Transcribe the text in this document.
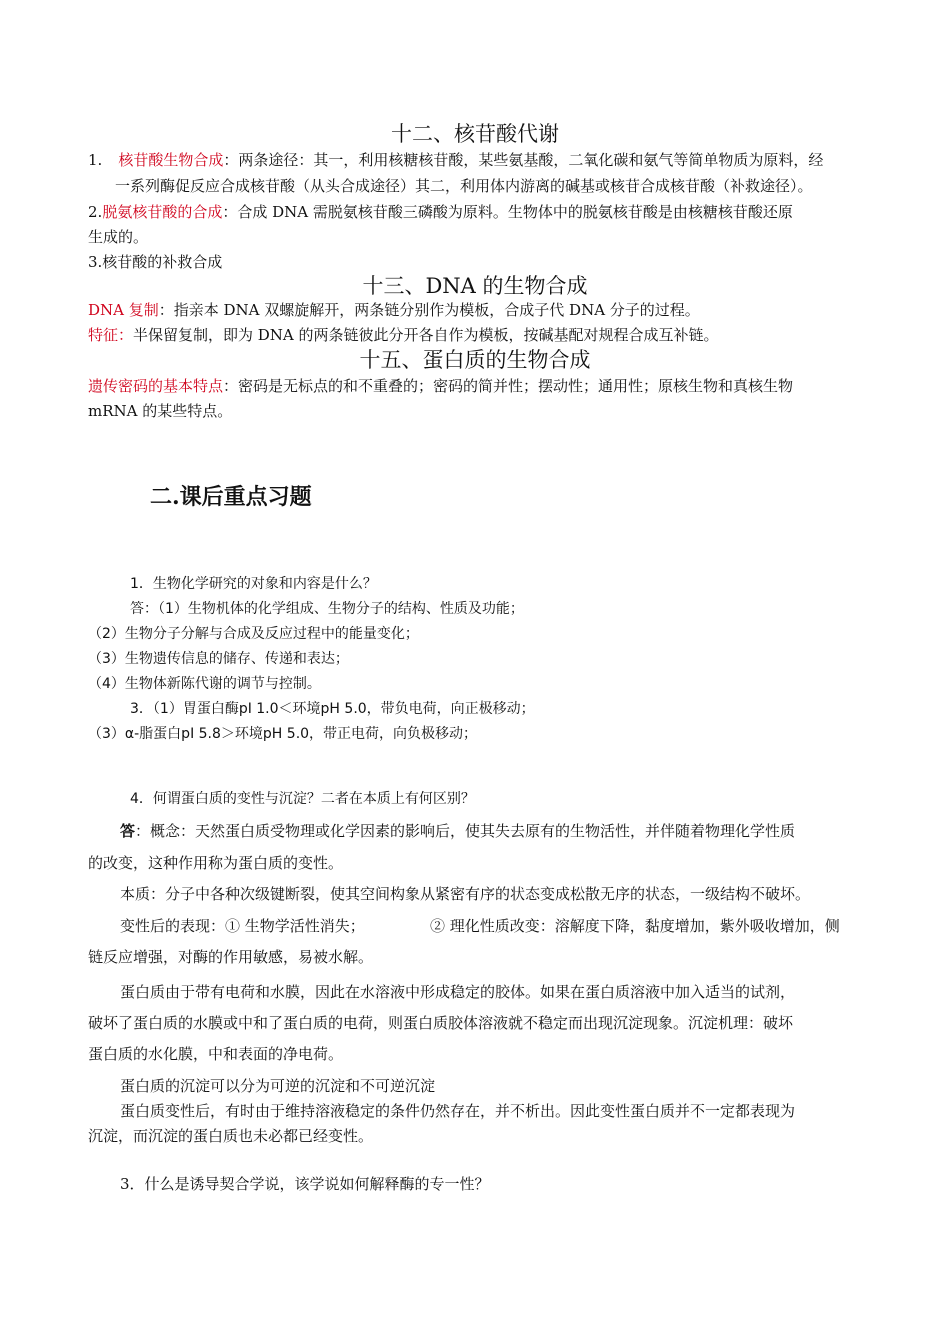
十二、核苷酸代谢
1. 核苷酸生物合成：两条途径：其一，利用核糖核苷酸，某些氨基酸，二氧化碳和氨气等简单物质为原料，经
一系列酶促反应合成核苷酸（从头合成途径）其二，利用体内游离的碱基或核苷合成核苷酸（补救途径）。
2.脱氨核苷酸的合成：合成 DNA 需脱氨核苷酸三磷酸为原料。生物体中的脱氨核苷酸是由核糖核苷酸还原
生成的。
3.核苷酸的补救合成
十三、DNA 的生物合成
DNA 复制：指亲本 DNA 双螺旋解开，两条链分别作为模板，合成子代 DNA 分子的过程。
特征：半保留复制，即为 DNA 的两条链彼此分开各自作为模板，按碱基配对规程合成互补链。
十五、蛋白质的生物合成
遗传密码的基本特点：密码是无标点的和不重叠的；密码的简并性；摆动性；通用性；原核生物和真核生物
mRNA 的某些特点。
二.课后重点习题
1．生物化学研究的对象和内容是什么？
答：（1）生物机体的化学组成、生物分子的结构、性质及功能；
（2）生物分子分解与合成及反应过程中的能量变化；
（3）生物遗传信息的储存、传递和表达；
（4）生物体新陈代谢的调节与控制。
3．（1）胃蛋白酶pI 1.0＜环境pH 5.0，带负电荷，向正极移动；
（3）α-脂蛋白pI 5.8＞环境pH 5.0，带正电荷，向负极移动；
4．何谓蛋白质的变性与沉淀？二者在本质上有何区别？
答：概念：天然蛋白质受物理或化学因素的影响后，使其失去原有的生物活性，并伴随着物理化学性质
的改变，这种作用称为蛋白质的变性。
本质：分子中各种次级键断裂，使其空间构象从紧密有序的状态变成松散无序的状态，一级结构不破坏。
变性后的表现：① 生物学活性消失；	② 理化性质改变：溶解度下降，黏度增加，紫外吸收增加，侧
链反应增强，对酶的作用敏感，易被水解。
蛋白质由于带有电荷和水膜，因此在水溶液中形成稳定的胶体。如果在蛋白质溶液中加入适当的试剂，
破坏了蛋白质的水膜或中和了蛋白质的电荷，则蛋白质胶体溶液就不稳定而出现沉淀现象。沉淀机理：破坏
蛋白质的水化膜，中和表面的净电荷。
蛋白质的沉淀可以分为可逆的沉淀和不可逆沉淀
蛋白质变性后，有时由于维持溶液稳定的条件仍然存在，并不析出。因此变性蛋白质并不一定都表现为
沉淀，而沉淀的蛋白质也未必都已经变性。
3．什么是诱导契合学说，该学说如何解释酶的专一性？
